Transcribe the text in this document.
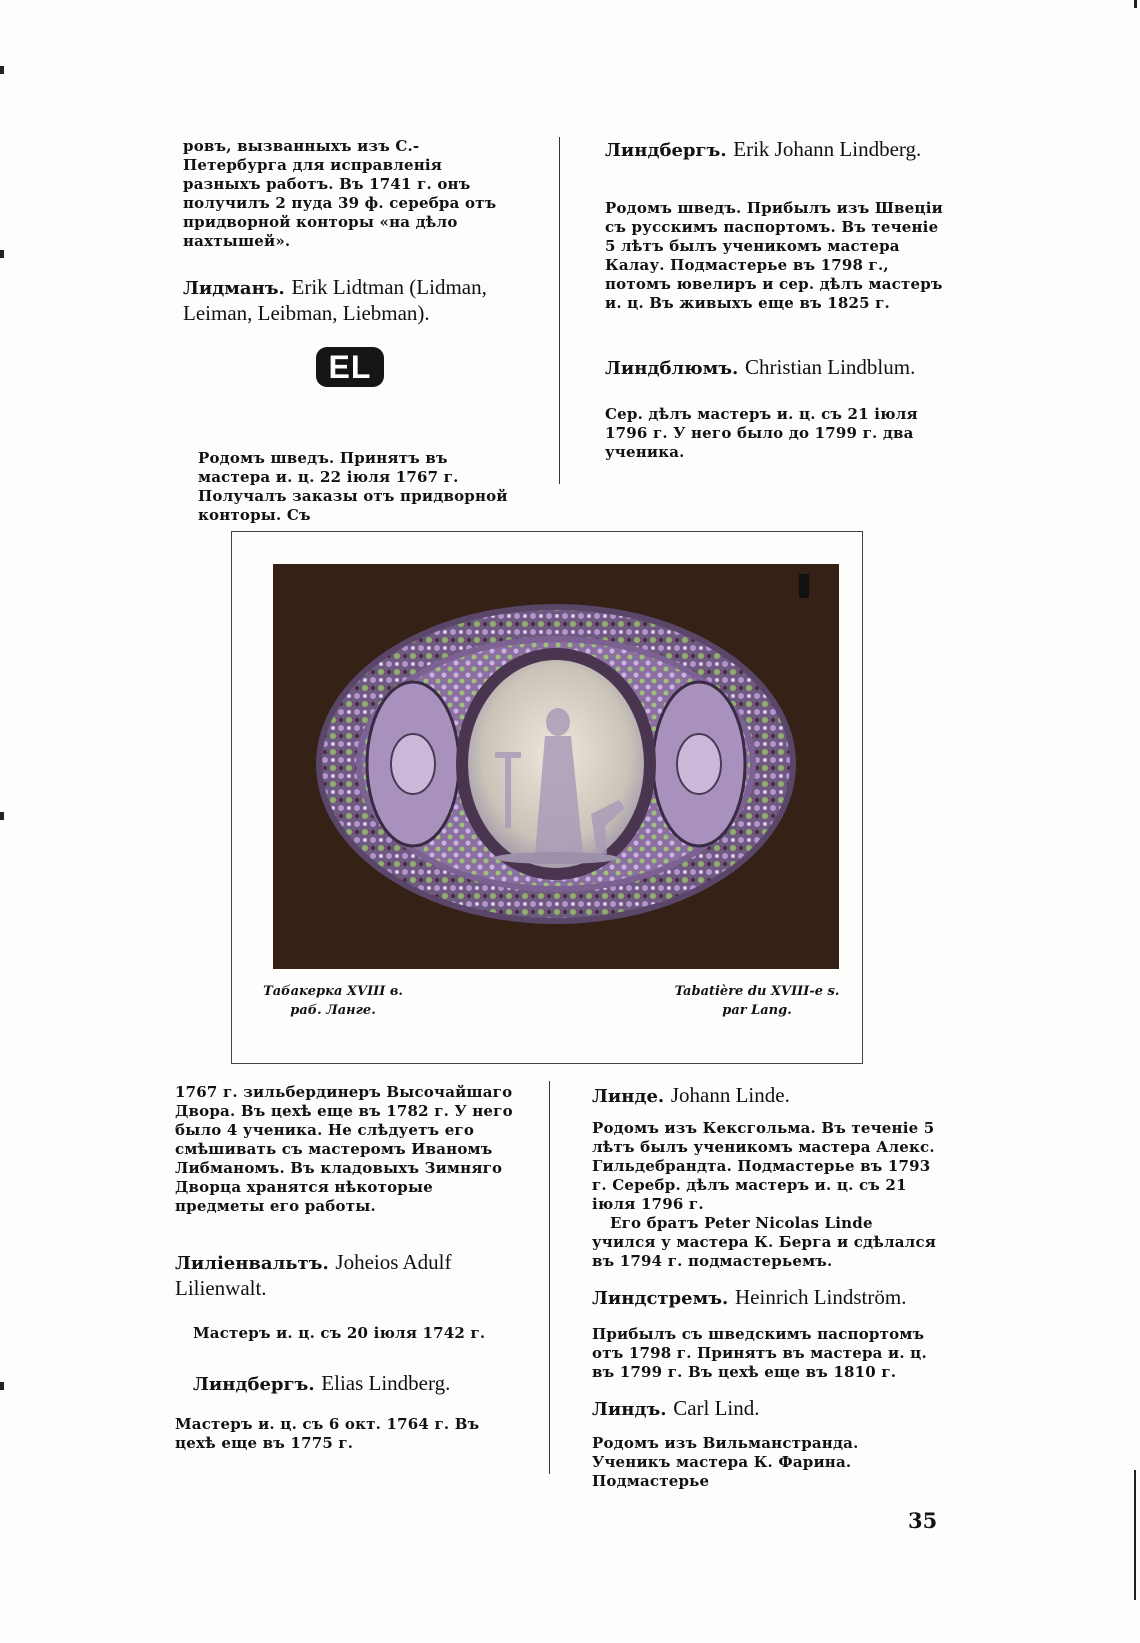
ровъ, вызванныхъ изъ С.-Петербурга для исправленія разныхъ работъ. Въ 1741 г. онъ получилъ 2 пуда 39 ф. серебра отъ придворной конторы «на дѣло нахтышей».

Лидманъ. Erik Lidtman (Lidman, Leiman, Leibman, Liebman).

EL

Родомъ шведъ. Принятъ въ мастера и. ц. 22 іюля 1767 г. Получалъ заказы отъ придворной конторы. Съ

Линдбергъ. Erik Johann Lindberg.

Родомъ шведъ. Прибылъ изъ Швеціи съ русскимъ паспортомъ. Въ теченіе 5 лѣтъ былъ ученикомъ мастера Калау. Подмастерье въ 1798 г., потомъ ювелиръ и сер. дѣлъ мастеръ и. ц. Въ живыхъ еще въ 1825 г.

Линдблюмъ. Christian Lindblum.

Сер. дѣлъ мастеръ и. ц. съ 21 іюля 1796 г. У него было до 1799 г. два ученика.

Табакерка XVIII в.
раб. Ланге.
Tabatière du XVIII-e s.
par Lang.

1767 г. зильбердинеръ Высочайшаго Двора. Въ цехѣ еще въ 1782 г. У него было 4 ученика. Не слѣдуетъ его смѣшивать съ мастеромъ Иваномъ Либманомъ. Въ кладовыхъ Зимняго Дворца хранятся нѣкоторые предметы его работы.

Лиліенвальтъ. Joheios Adulf Lilienwalt.

Мастеръ и. ц. съ 20 іюля 1742 г.

Линдбергъ. Elias Lindberg.

Мастеръ и. ц. съ 6 окт. 1764 г. Въ цехѣ еще въ 1775 г.

Линде. Johann Linde.

Родомъ изъ Кексгольма. Въ теченіе 5 лѣтъ былъ ученикомъ мастера Алекс. Гильдебрандта. Подмастерье въ 1793 г. Серебр. дѣлъ мастеръ и. ц. съ 21 іюля 1796 г.

Его братъ Peter Nicolas Linde учился у мастера К. Берга и сдѣлался въ 1794 г. подмастерьемъ.

Линдстремъ. Heinrich Lindström.

Прибылъ съ шведскимъ паспортомъ отъ 1798 г. Принятъ въ мастера и. ц. въ 1799 г. Въ цехѣ еще въ 1810 г.

Линдъ. Carl Lind.

Родомъ изъ Вильманстранда. Ученикъ мастера К. Фарина. Подмастерье

35
